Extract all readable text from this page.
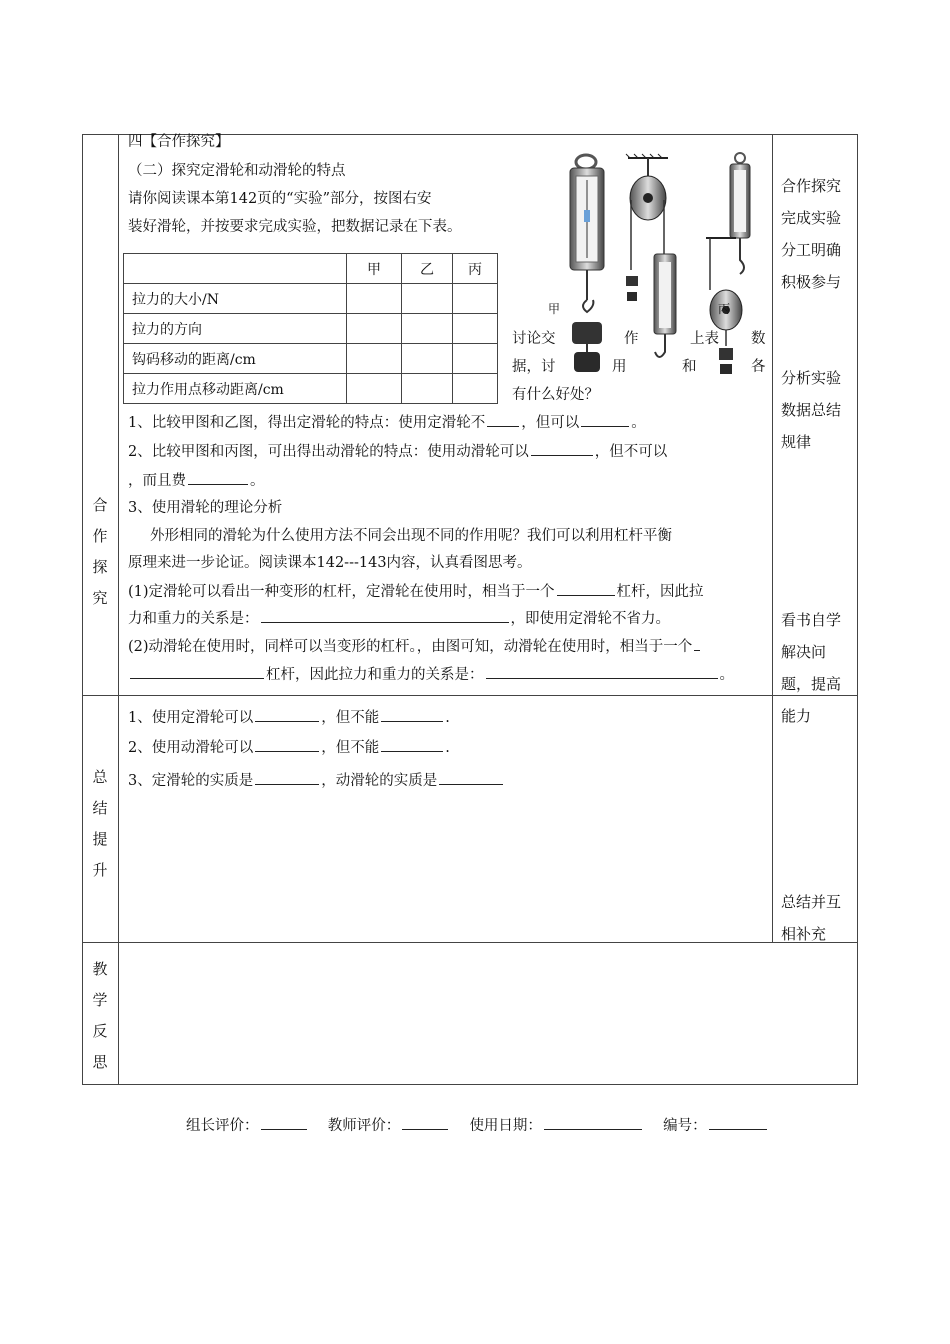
合
作
探
究
总
结
提
升
教
学
反
思
合作探究
完成实验
分工明确
积极参与
分析实验
数据总结
规律
看书自学
解决问
题，提高
能力
总结并互
相补充
四【合作探究】
（二）探究定滑轮和动滑轮的特点
请你阅读课本第142页的“实验”部分，按图右安
装好滑轮，并按要求完成实验，把数据记录在下表。
	甲	乙	丙
拉力的大小/N			
拉力的方向			
钩码移动的距离/cm			
拉力作用点移动距离/cm			
甲	丙
讨论交	作	上表 数
据，讨	用	和	各
有什么好处？
1、比较甲图和乙图，得出定滑轮的特点：使用定滑轮不 ，但可以	。
2、比较甲图和丙图，可出得出动滑轮的特点：使用动滑轮可以	，但不可以
，而且费	。
3、使用滑轮的理论分析
外形相同的滑轮为什么使用方法不同会出现不同的作用呢？我们可以利用杠杆平衡
原理来进一步论证。阅读课本142---143内容，认真看图思考。
(1)定滑轮可以看出一种变形的杠杆，定滑轮在使用时，相当于一个	杠杆，因此拉
力和重力的关系是：	，即使用定滑轮不省力。
(2)动滑轮在使用时，同样可以当变形的杠杆。，由图可知，动滑轮在使用时，相当于一个
杠杆，因此拉力和重力的关系是：	。
1、使用定滑轮可以	，但不能	.
2、使用动滑轮可以	，但不能	.
3、定滑轮的实质是	，动滑轮的实质是
组长评价：	教师评价：	使用日期：	编号：
